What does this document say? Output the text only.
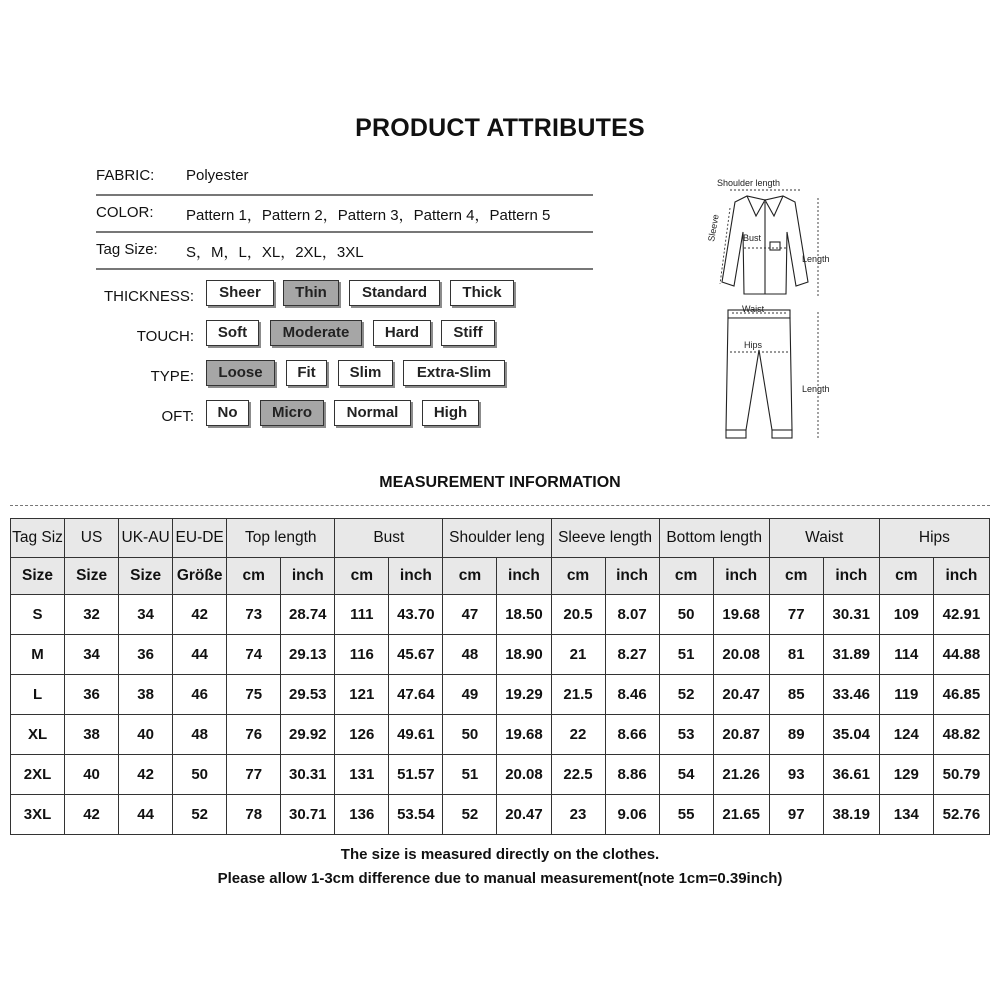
PRODUCT ATTRIBUTES
FABRIC: Polyester
COLOR: Pattern 1，Pattern 2，Pattern 3，Pattern 4，Pattern 5
Tag Size: S，M，L，XL，2XL，3XL
THICKNESS:	Sheer	Thin	Standard	Thick
TOUCH:	Soft	Moderate	Hard	Stiff
TYPE:	Loose	Fit	Slim	Extra-Slim
OFT:	No	Micro	Normal	High
Shoulder length
Sleeve Bust
Length
Waist
Hips
Length
MEASUREMENT INFORMATION
Tag Siz	US	UK-AU	EU-DE	Top length		Bust		Shoulder leng		Sleeve length		Bottom length		Waist		Hips	
Size	Size	Size	Größe	cm	inch	cm	inch	cm	inch	cm	inch	cm	inch	cm	inch	cm	inch
S	32	34	42	73	28.74	111	43.70	47	18.50	20.5	8.07	50	19.68	77	30.31	109	42.91
M	34	36	44	74	29.13	116	45.67	48	18.90	21	8.27	51	20.08	81	31.89	114	44.88
L	36	38	46	75	29.53	121	47.64	49	19.29	21.5	8.46	52	20.47	85	33.46	119	46.85
XL	38	40	48	76	29.92	126	49.61	50	19.68	22	8.66	53	20.87	89	35.04	124	48.82
2XL	40	42	50	77	30.31	131	51.57	51	20.08	22.5	8.86	54	21.26	93	36.61	129	50.79
3XL	42	44	52	78	30.71	136	53.54	52	20.47	23	9.06	55	21.65	97	38.19	134	52.76
The size is measured directly on the clothes.
Please allow 1-3cm difference due to manual measurement(note 1cm=0.39inch)
